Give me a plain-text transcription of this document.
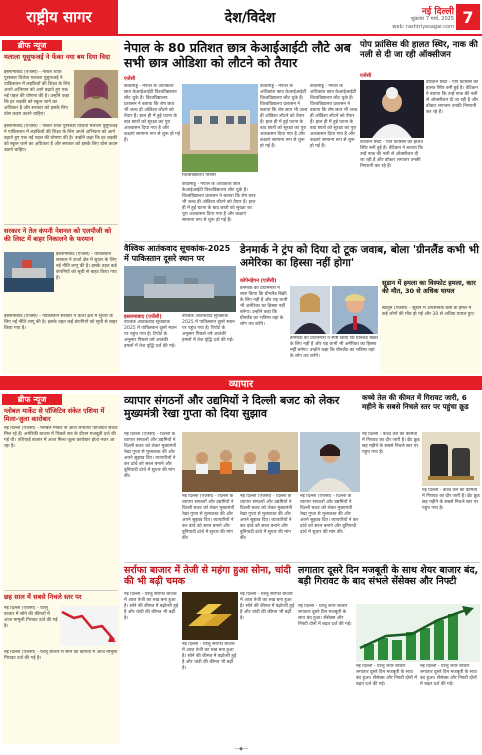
राष्ट्रीय सागर	देश/विदेश	नई दिल्ली
शुक्रवार 7 मार्च, 2025
web: rashtriyasagar.com
7
ब्रीफ न्यूज
मलाला यूसुफजई ने फेंका नया बम दिया विदा
इस्लामाबाद (एजेंसी) - नोबेल शांति पुरस्कार विजेता मलाला यूसुफजई ने पाकिस्तान में लड़कियों की शिक्षा के लिए अपने अभियान को आगे बढ़ाते हुए एक नई पहल की घोषणा की है। उन्होंने कहा कि हर लड़की को स्कूल जाने का अधिकार है और सरकार को इसके लिए ठोस कदम उठाने चाहिए।
इस्लामाबाद (एजेंसी) - नोबेल शांति पुरस्कार विजेता मलाला यूसुफजई ने पाकिस्तान में लड़कियों की शिक्षा के लिए अपने अभियान को आगे बढ़ाते हुए एक नई पहल की घोषणा की है। उन्होंने कहा कि हर लड़की को स्कूल जाने का अधिकार है और सरकार को इसके लिए ठोस कदम उठाने चाहिए।
सरकार ने तेल कंपनी नेशनल को एलपीजी को की लिस्ट में बाहर निकालने के फरमान
इस्लामाबाद (एजेंसी) - पाकिस्तान सरकार ने ऊर्जा क्षेत्र में सुधार के लिए नई नीति लागू की है। इसके तहत कई कंपनियों को सूची से बाहर किया गया है।
इस्लामाबाद (एजेंसी) - पाकिस्तान सरकार ने ऊर्जा क्षेत्र में सुधार के लिए नई नीति लागू की है। इसके तहत कई कंपनियों को सूची से बाहर किया गया है।
नेपाल के 80 प्रतिशत छात्र केआईआईटी लौटे अब सभी छात्र ओडिशा को लौटने को तैयार
एजेंसी
काठमांडू - नेपाल के अधिकांश छात्र केआईआईटी विश्वविद्यालय लौट चुके हैं। विश्वविद्यालय प्रशासन ने बताया कि शेष छात्र भी जल्द ही ओडिशा लौटने को तैयार हैं। हाल ही में हुई घटना के बाद छात्रों को सुरक्षा का पूरा आश्वासन दिया गया है और कक्षाएं सामान्य रूप से शुरू हो गई हैं।
विश्वविद्यालय परिसर
काठमांडू - नेपाल के अधिकांश छात्र केआईआईटी विश्वविद्यालय लौट चुके हैं। विश्वविद्यालय प्रशासन ने बताया कि शेष छात्र भी जल्द ही ओडिशा लौटने को तैयार हैं। हाल ही में हुई घटना के बाद छात्रों को सुरक्षा का पूरा आश्वासन दिया गया है और कक्षाएं सामान्य रूप से शुरू हो गई हैं।
काठमांडू - नेपाल के अधिकांश छात्र केआईआईटी विश्वविद्यालय लौट चुके हैं। विश्वविद्यालय प्रशासन ने बताया कि शेष छात्र भी जल्द ही ओडिशा लौटने को तैयार हैं। हाल ही में हुई घटना के बाद छात्रों को सुरक्षा का पूरा आश्वासन दिया गया है और कक्षाएं सामान्य रूप से शुरू हो गई हैं।
काठमांडू - नेपाल के अधिकांश छात्र केआईआईटी विश्वविद्यालय लौट चुके हैं। विश्वविद्यालय प्रशासन ने बताया कि शेष छात्र भी जल्द ही ओडिशा लौटने को तैयार हैं। हाल ही में हुई घटना के बाद छात्रों को सुरक्षा का पूरा आश्वासन दिया गया है और कक्षाएं सामान्य रूप से शुरू हो गई हैं।
पोप फ्रांसिस की हालत स्थिर, नाक की नली से दी जा रही ऑक्सीजन
एजेंसी
वेटिकन सिटी - पोप फ्रांसिस की हालत स्थिर बनी हुई है। वेटिकन ने बताया कि उन्हें नाक की नली से ऑक्सीजन दी जा रही है और डॉक्टर लगातार उनकी निगरानी कर रहे हैं।
वेटिकन सिटी - पोप फ्रांसिस की हालत स्थिर बनी हुई है। वेटिकन ने बताया कि उन्हें नाक की नली से ऑक्सीजन दी जा रही है और डॉक्टर लगातार उनकी निगरानी कर रहे हैं।
वैश्विक आतंकवाद सूचकांक-2025 में पाकिस्तान दूसरे स्थान पर
इस्लामाबाद (एजेंसी)
वैश्विक आतंकवाद सूचकांक 2025 में पाकिस्तान दूसरे स्थान पर पहुंच गया है। रिपोर्ट के अनुसार पिछले वर्ष आतंकी हमलों में तेज वृद्धि दर्ज की गई।
वैश्विक आतंकवाद सूचकांक 2025 में पाकिस्तान दूसरे स्थान पर पहुंच गया है। रिपोर्ट के अनुसार पिछले वर्ष आतंकी हमलों में तेज वृद्धि दर्ज की गई।
डेनमार्क ने ट्रंप को दिया दो टूक जवाब, बोला 'ग्रीनलैंड कभी भी अमेरिका का हिस्सा नहीं होगा'
कोपेनहेगन (एजेंसी)
डेनमार्क की प्रधानमंत्री ने स्पष्ट किया कि ग्रीनलैंड बिक्री के लिए नहीं है और यह कभी भी अमेरिका का हिस्सा नहीं बनेगा। उन्होंने कहा कि ग्रीनलैंड का भविष्य वहां के लोग तय करेंगे।
डेनमार्क की प्रधानमंत्री ने स्पष्ट किया कि ग्रीनलैंड बिक्री के लिए नहीं है और यह कभी भी अमेरिका का हिस्सा नहीं बनेगा। उन्होंने कहा कि ग्रीनलैंड का भविष्य वहां के लोग तय करेंगे।
सूडान में हमला का विस्फोट हमला, कार की मौत, 30 से अधिक घायल
खार्तूम (एजेंसी) - सूडान में अर्धसैनिक बलों के हमले में कई लोगों की मौत हो गई और 30 से अधिक घायल हुए।
व्यापार
ब्रीफ न्यूज
ग्लोबल मार्केट से पॉजिटिव संकेत एशिया में मिला-जुला कारोबार
नई दिल्ली (एजेंसी) - ग्लोबल मार्केट से आज लगातार पॉजिटिव संकेत मिल रहे हैं। अमेरिकी बाजार में पिछले सत्र के दौरान मजबूती दर्ज की गई थी। एशियाई बाजार में आज मिला-जुला कारोबार होता नजर आ रहा है।
छह साल में सबसे निचले स्तर पर
नई दिल्ली (एजेंसी) - घरेलू बाजार में सोने की कीमतों में आज मामूली गिरावट दर्ज की गई है।
नई दिल्ली (एजेंसी) - घरेलू बाजार में सोने की कीमतों में आज मामूली गिरावट दर्ज की गई है।
व्यापार संगठनों और उद्यमियों ने दिल्ली बजट को लेकर मुख्यमंत्री रेखा गुप्ता को दिया सुझाव
नई दिल्ली (एजेंसी) - दिल्ली के व्यापार संगठनों और उद्यमियों ने दिल्ली बजट को लेकर मुख्यमंत्री रेखा गुप्ता से मुलाकात की और अपने सुझाव दिए। व्यापारियों ने कर ढांचे को सरल बनाने और बुनियादी ढांचे में सुधार की मांग की।
नई दिल्ली (एजेंसी) - दिल्ली के व्यापार संगठनों और उद्यमियों ने दिल्ली बजट को लेकर मुख्यमंत्री रेखा गुप्ता से मुलाकात की और अपने सुझाव दिए। व्यापारियों ने कर ढांचे को सरल बनाने और बुनियादी ढांचे में सुधार की मांग की।
नई दिल्ली (एजेंसी) - दिल्ली के व्यापार संगठनों और उद्यमियों ने दिल्ली बजट को लेकर मुख्यमंत्री रेखा गुप्ता से मुलाकात की और अपने सुझाव दिए। व्यापारियों ने कर ढांचे को सरल बनाने और बुनियादी ढांचे में सुधार की मांग की।
नई दिल्ली (एजेंसी) - दिल्ली के व्यापार संगठनों और उद्यमियों ने दिल्ली बजट को लेकर मुख्यमंत्री रेखा गुप्ता से मुलाकात की और अपने सुझाव दिए। व्यापारियों ने कर ढांचे को सरल बनाने और बुनियादी ढांचे में सुधार की मांग की।
कच्चे तेल की कीमत में गिरावट जारी, 6 महीने के सबसे निचले स्तर पर पहुंचा क्रूड
नई दिल्ली - कच्चे तेल की कीमतों में गिरावट का दौर जारी है। ब्रेंट क्रूड छह महीने के सबसे निचले स्तर पर पहुंच गया है।
नई दिल्ली - कच्चे तेल की कीमतों में गिरावट का दौर जारी है। ब्रेंट क्रूड छह महीने के सबसे निचले स्तर पर पहुंच गया है।
सर्राफा बाजार में तेजी से महंगा हुआ सोना, चांदी की भी बढ़ी चमक
नई दिल्ली - घरेलू सर्राफा बाजार में आज तेजी का रुख बना हुआ है। सोने की कीमत में बढ़ोतरी हुई है और चांदी की कीमत भी बढ़ी है।
नई दिल्ली - घरेलू सर्राफा बाजार में आज तेजी का रुख बना हुआ है। सोने की कीमत में बढ़ोतरी हुई है और चांदी की कीमत भी बढ़ी है।
नई दिल्ली - घरेलू सर्राफा बाजार में आज तेजी का रुख बना हुआ है। सोने की कीमत में बढ़ोतरी हुई है और चांदी की कीमत भी बढ़ी है।
लगातार दूसरे दिन मजबूती के साथ शेयर बाजार बंद, बड़ी गिरावट के बाद संभले सेंसेक्स और निफ्टी
नई दिल्ली - घरेलू शेयर बाजार लगातार दूसरे दिन मजबूती के साथ बंद हुआ। सेंसेक्स और निफ्टी दोनों में बढ़त दर्ज की गई।
नई दिल्ली - घरेलू शेयर बाजार लगातार दूसरे दिन मजबूती के साथ बंद हुआ। सेंसेक्स और निफ्टी दोनों में बढ़त दर्ज की गई।
नई दिल्ली - घरेलू शेयर बाजार लगातार दूसरे दिन मजबूती के साथ बंद हुआ। सेंसेक्स और निफ्टी दोनों में बढ़त दर्ज की गई।
—◆—
